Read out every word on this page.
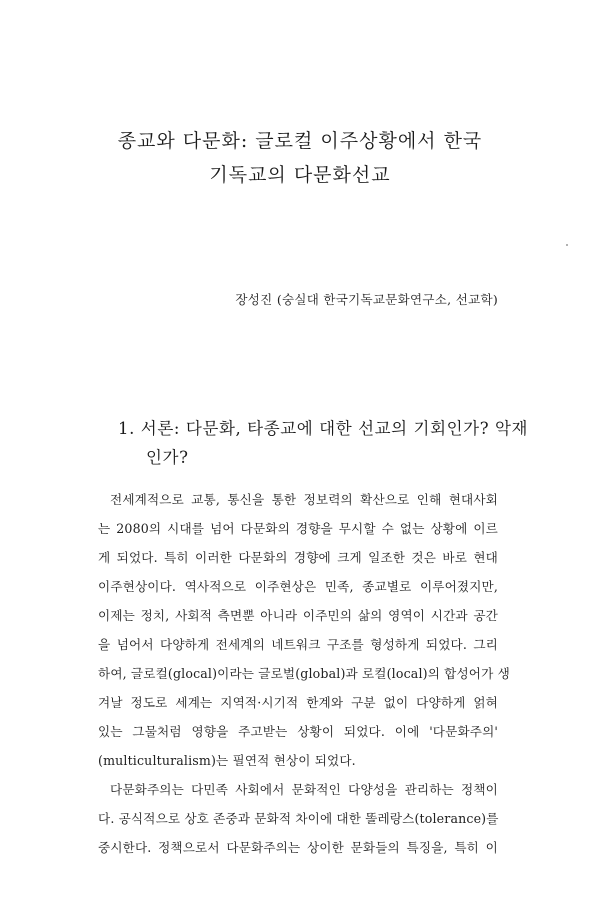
종교와 다문화: 글로컬 이주상황에서 한국
기독교의 다문화선교
장성진 (숭실대 한국기독교문화연구소, 선교학)
1. 서론: 다문화, 타종교에 대한 선교의 기회인가? 악재
인가?
전세계적으로 교통, 통신을 통한 정보력의 확산으로 인해 현대사회
는 2080의 시대를 넘어 다문화의 경향을 무시할 수 없는 상황에 이르
게 되었다. 특히 이러한 다문화의 경향에 크게 일조한 것은 바로 현대
이주현상이다. 역사적으로 이주현상은 민족, 종교별로 이루어졌지만,
이제는 정치, 사회적 측면뿐 아니라 이주민의 삶의 영역이 시간과 공간
을 넘어서 다양하게 전세계의 네트워크 구조를 형성하게 되었다. 그리
하여, 글로컬(glocal)이라는 글로벌(global)과 로컬(local)의 합성어가 생
겨날 정도로 세계는 지역적·시기적 한계와 구분 없이 다양하게 얽혀
있는 그물처럼 영향을 주고받는 상황이 되었다. 이에 '다문화주의'
(multiculturalism)는 필연적 현상이 되었다.
다문화주의는 다민족 사회에서 문화적인 다양성을 관리하는 정책이
다. 공식적으로 상호 존중과 문화적 차이에 대한 똘레랑스(tolerance)를
중시한다. 정책으로서 다문화주의는 상이한 문화들의 특징을, 특히 이
